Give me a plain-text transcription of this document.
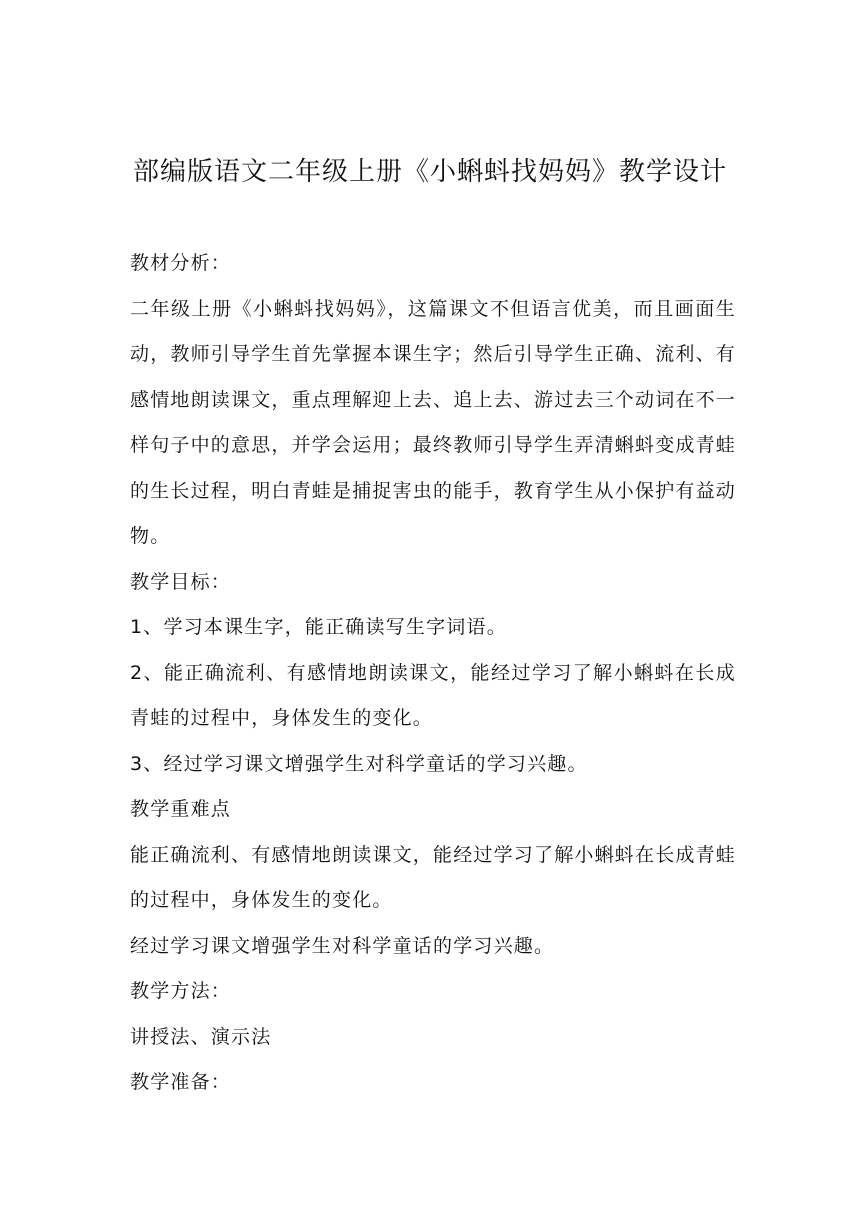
部编版语文二年级上册《小蝌蚪找妈妈》教学设计

教材分析：

二年级上册《小蝌蚪找妈妈》，这篇课文不但语言优美，而且画面生动，教师引导学生首先掌握本课生字；然后引导学生正确、流利、有感情地朗读课文，重点理解迎上去、追上去、游过去三个动词在不一样句子中的意思，并学会运用；最终教师引导学生弄清蝌蚪变成青蛙的生长过程，明白青蛙是捕捉害虫的能手，教育学生从小保护有益动物。

教学目标：

1、学习本课生字，能正确读写生字词语。

2、能正确流利、有感情地朗读课文，能经过学习了解小蝌蚪在长成青蛙的过程中，身体发生的变化。

3、经过学习课文增强学生对科学童话的学习兴趣。

教学重难点

能正确流利、有感情地朗读课文，能经过学习了解小蝌蚪在长成青蛙的过程中，身体发生的变化。

经过学习课文增强学生对科学童话的学习兴趣。

教学方法：

讲授法、演示法

教学准备：
